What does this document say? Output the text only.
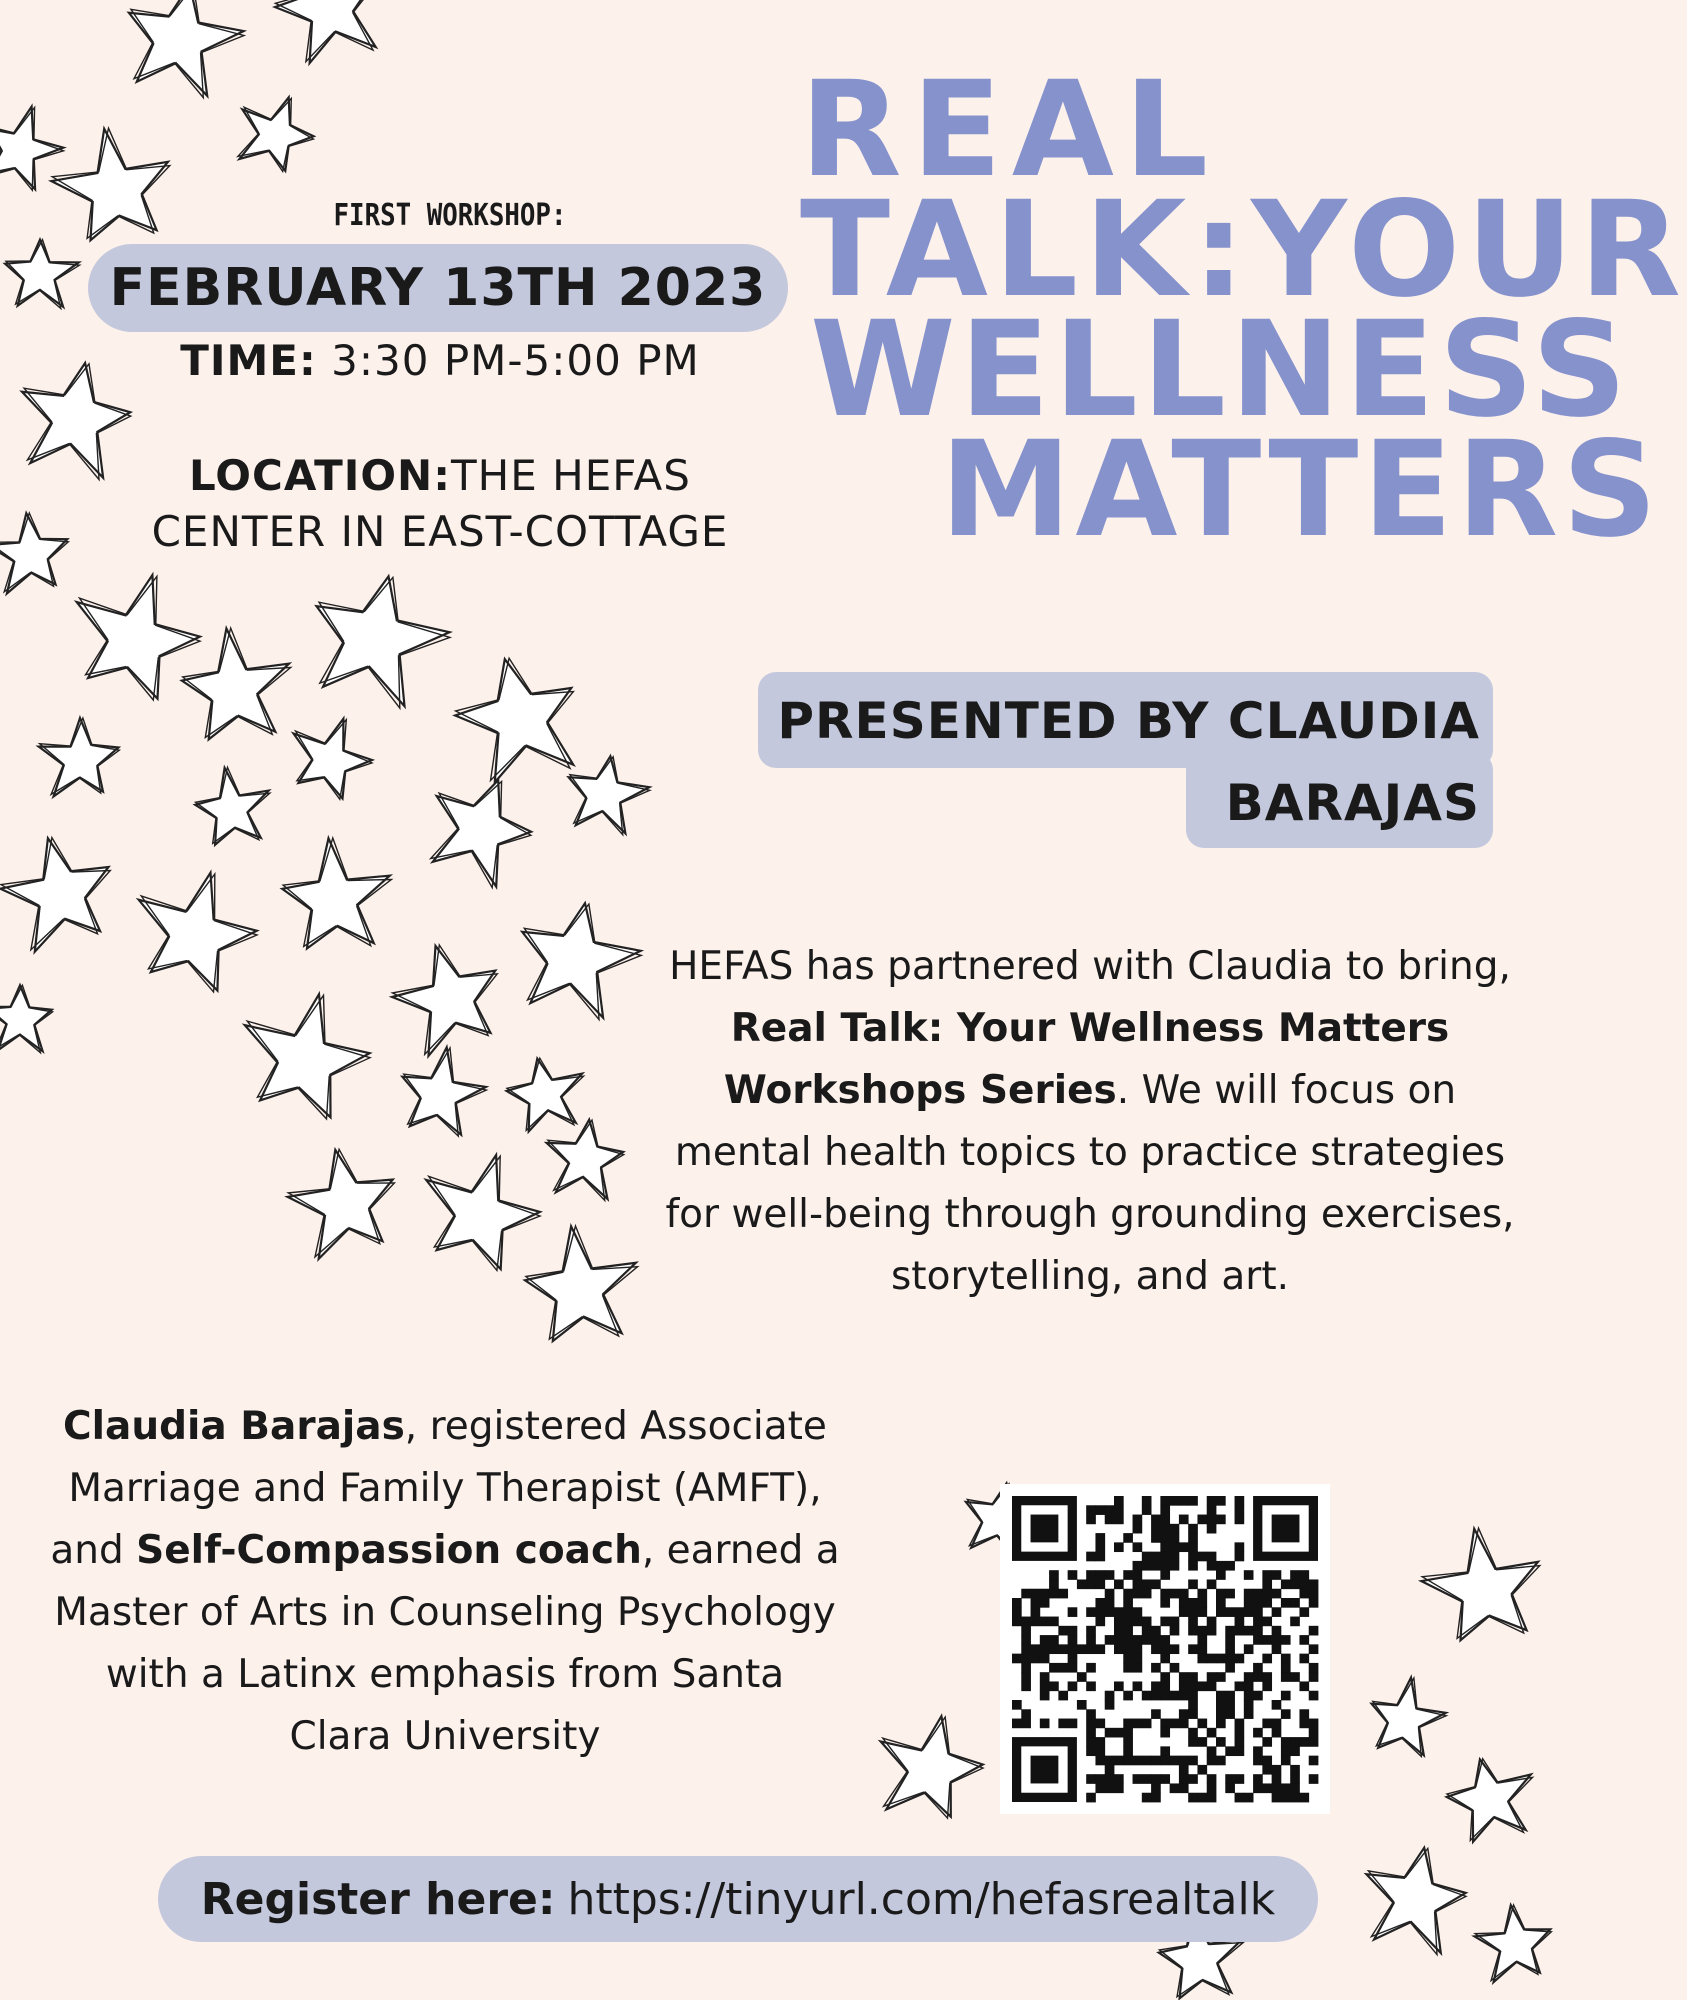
FIRST WORKSHOP:
FEBRUARY 13TH 2023
TIME: 3:30 PM-5:00 PM
LOCATION:THE HEFAS
CENTER IN EAST-COTTAGE
REAL
TALK:YOUR
WELLNESS
MATTERS
PRESENTED BY CLAUDIA
BARAJAS
HEFAS has partnered with Claudia to bring, Real Talk: Your Wellness Matters Workshops Series. We will focus on mental health topics to practice strategies for well-being through grounding exercises, storytelling, and art.
Claudia Barajas, registered Associate Marriage and Family Therapist (AMFT), and Self-Compassion coach, earned a Master of Arts in Counseling Psychology with a Latinx emphasis from Santa Clara University
Register here: https://tinyurl.com/hefasrealtalk
